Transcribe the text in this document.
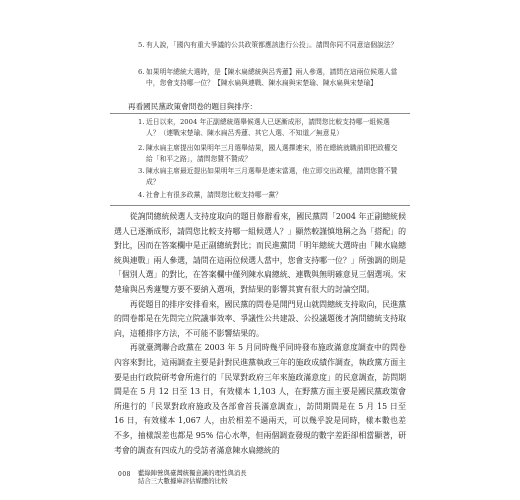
5. 有人說，「國內有重大爭議的公共政策都應該進行公投」。請問你同不同意這個說法？
6. 如果明年總統大選時，是【陳水扁總統與呂秀蓮】兩人參選，請問在這兩位候選人當中，您會支持哪一位？【陳水扁與連戰、陳水扁與宋楚瑜、陳水扁與宋楚瑜】
再看國民黨政策會問卷的題目與排序：
1. 近日以來，2004 年正副總統選舉候選人已逐漸成形，請問您比較支持哪一組候選人？（連戰宋楚瑜、陳水扁呂秀蓮、其它人選、不知道／無意見）
2. 陳水扁主席提出如果明年三月選舉結果，國人選擇連宋，將在總統就職前即把政權交給「和平之路」，請問您贊不贊成？
3. 陳水扁主席最近提出如果明年三月選舉是連宋當選，他立即交出政權，請問您贊不贊成？
4. 社會上有很多政黨，請問您比較支持哪一黨？

從詢問總統候選人支持度取向的題目修辭看來，國民黨問「2004 年正副總統候選人已逐漸成形，請問您比較支持哪一組候選人？」顯然較謹慎地稱之為「搭配」的對比，因而在答案欄中是正副總統對比；而民進黨問「明年總統大選時由「陳水扁總統與連戰」兩人參選，請問在這兩位候選人當中，您會支持哪一位？」所強調的則是「個別人選」的對比，在答案欄中僅列陳水扁總統、連戰與無明確意見三個選項。宋楚瑜與呂秀蓮雙方要不要納入選項，對結果的影響其實有很大的討論空間。

再從題目的排序安排看來，國民黨的問卷是開門見山就問總統支持取向，民進黨的問卷都是在先問完立院議事效率、爭議性公共建設、公投議題後才詢問總統支持取向，這種排序方法，不可能不影響結果的。

再就臺灣聯合政黨在 2003 年 5 月同時幾乎同時發布施政滿意度調查中的問卷內容來對比，這兩調查主要是針對民進黨執政三年的施政成績作調查，執政黨方面主要是由行政院研考會所進行的「民眾對政府三年來施政滿意度」的民意調查，訪問期間是在 5 月 12 日至 13 日，有效樣本 1,103 人，在野黨方面主要是國民黨政策會所進行的「民眾對政府施政及各部會首長滿意調查」，訪問期間是在 5 月 15 日至 16 日，有效樣本 1,067 人，由於相差不過兩天，可以幾乎說是同時，樣本數也差不多，抽樣誤差也都是 95% 信心水準，但兩個調查發現的數字差距卻相當顯著，研考會的調查有四成九的受訪者滿意陳水扁總統的

008 藍綠陣營與臺灣統獨意識的理性與消長
結合三大數據庫評估媒體的比較
